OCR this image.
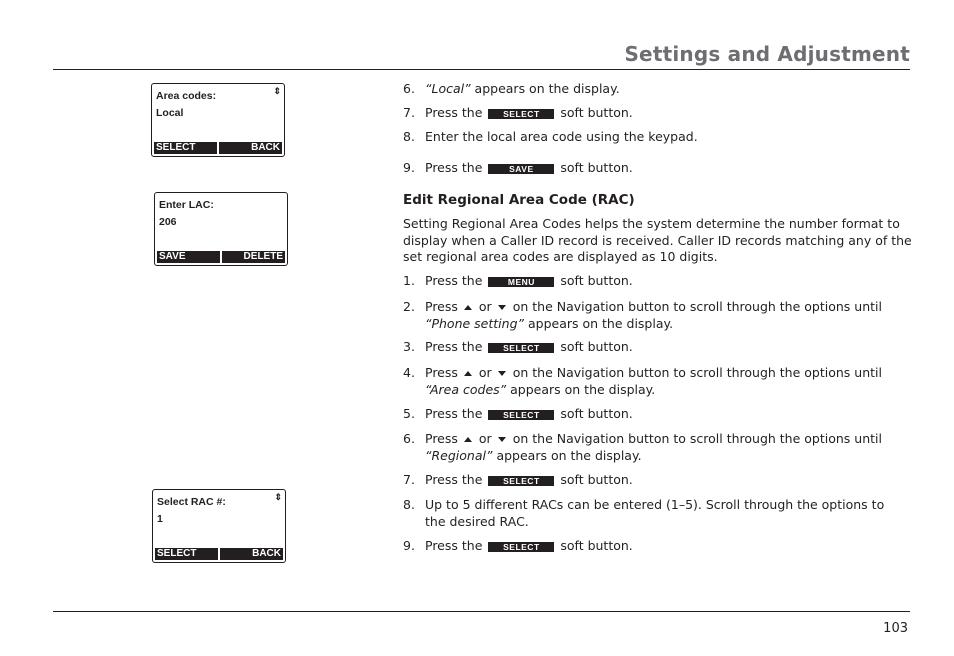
Settings and Adjustment
Area codes:
Local
⇕
SELECT	BACK
Enter LAC:
206
SAVE	DELETE
Select RAC #:
1
⇕
SELECT	BACK
6. “Local” appears on the display.
7. Press the SELECT soft button.
8. Enter the local area code using the keypad.
9. Press the	SAVE soft button.
Edit Regional Area Code (RAC)
Setting Regional Area Codes helps the system determine the number format to display when a Caller ID record is received. Caller ID records matching any of the set regional area codes are displayed as 10 digits.
1. Press the	MENU soft button.
2. Press or on the Navigation button to scroll through the options until
“Phone setting” appears on the display.
3. Press the SELECT soft button.
4. Press or on the Navigation button to scroll through the options until
“Area codes” appears on the display.
5. Press the SELECT soft button.
6. Press or on the Navigation button to scroll through the options until
“Regional” appears on the display.
7. Press the SELECT soft button.
8. Up to 5 different RACs can be entered (1–5). Scroll through the options to the desired RAC.
9. Press the SELECT soft button.
103
